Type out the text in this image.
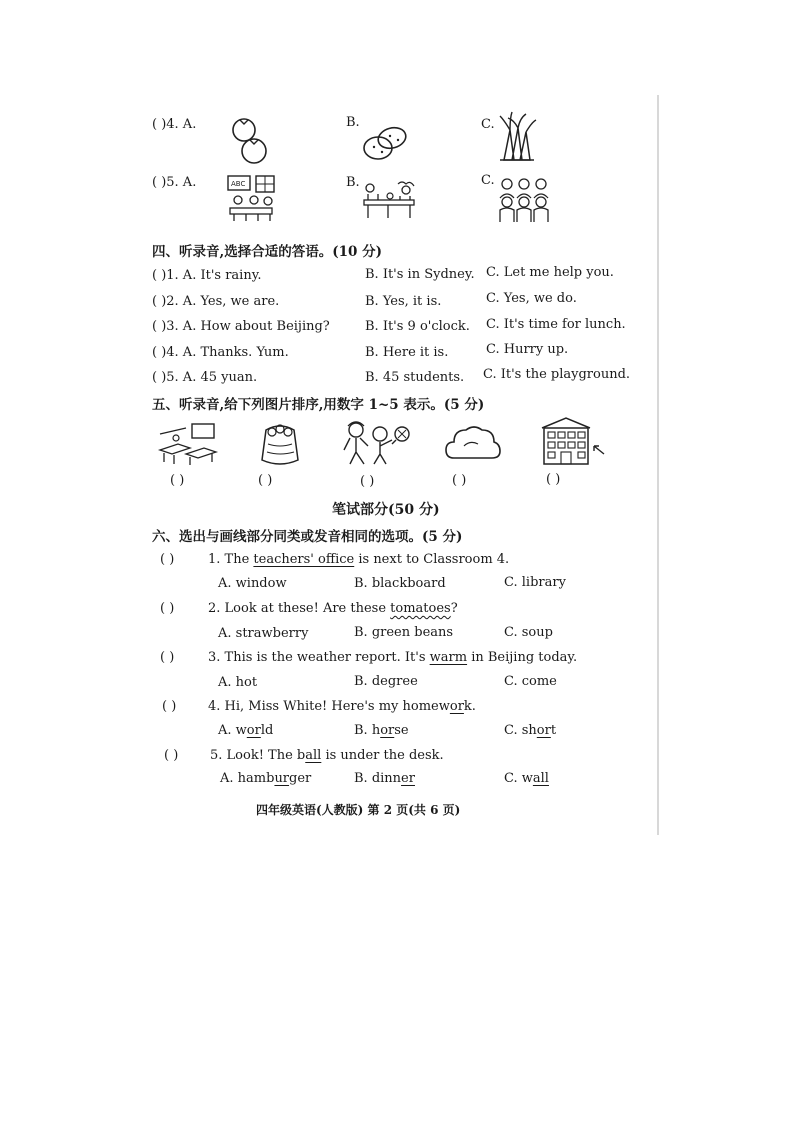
( )4. A.	B.	C.
( )5. A.	ABC	B.	C.
四、听录音,选择合适的答语。(10 分)
( )1. A. It's rainy.	B. It's in Sydney. C. Let me help you.
( )2. A. Yes, we are.	B. Yes, it is.	C. Yes, we do.
( )3. A. How about Beijing?	B. It's 9 o'clock. C. It's time for lunch.
( )4. A. Thanks. Yum.	B. Here it is.	C. Hurry up.
( )5. A. 45 yuan.	B. 45 students. C. It's the playground.
五、听录音,给下列图片排序,用数字 1~5 表示。(5 分)
( )	( )	( )	( )	( )
笔试部分(50 分)
六、选出与画线部分同类或发音相同的选项。(5 分)
( )	1. The teachers' office is next to Classroom 4.
A. window	B. blackboard	C. library
( )	2. Look at these! Are these tomatoes?
A. strawberry	B. green beans	C. soup
( )	3. This is the weather report. It's warm in Beijing today.
A. hot	B. degree	C. come
( ) 4. Hi, Miss White! Here's my homework.
A. world	B. horse	C. short
( ) 5. Look! The ball is under the desk.
A. hamburger	B. dinner	C. wall
四年级英语(人教版) 第 2 页(共 6 页)
